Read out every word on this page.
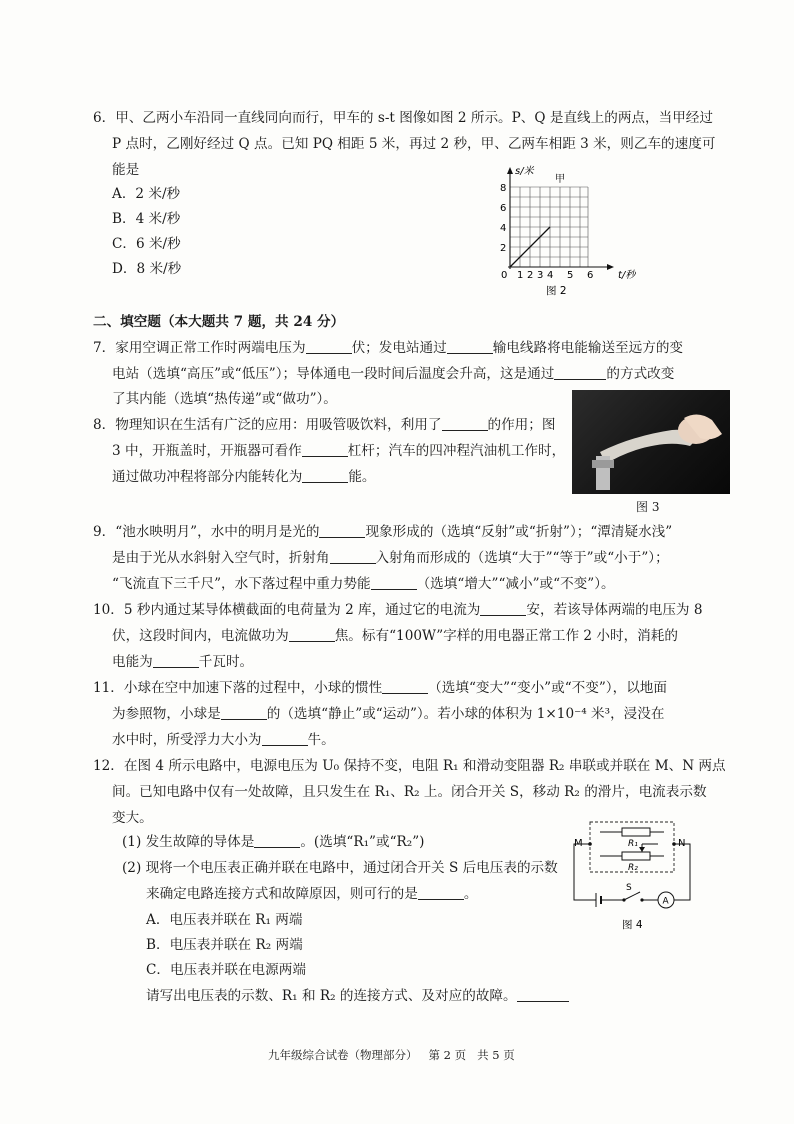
6．甲、乙两小车沿同一直线同向而行，甲车的 s-t 图像如图 2 所示。P、Q 是直线上的两点，当甲经过
P 点时，乙刚好经过 Q 点。已知 PQ 相距 5 米，再过 2 秒，甲、乙两车相距 3 米，则乙车的速度可
能是
A．2 米/秒
B．4 米/秒
C．6 米/秒
D．8 米/秒
s/米
甲
2
4
6
8
0 1 2 3 4 5 6 t/秒
图 2
二、填空题（本大题共 7 题，共 24 分）
7．家用空调正常工作时两端电压为	伏；发电站通过	输电线路将电能输送至远方的变
电站（选填“高压”或“低压”）；导体通电一段时间后温度会升高，这是通过	的方式改变
了其内能（选填“热传递”或“做功”）。
8．物理知识在生活有广泛的应用：用吸管吸饮料，利用了	的作用；图
3 中，开瓶盖时，开瓶器可看作	杠杆；汽车的四冲程汽油机工作时，
通过做功冲程将部分内能转化为	能。
图 3
9．“池水映明月”，水中的明月是光的	现象形成的（选填“反射”或“折射”）；“潭清疑水浅”
是由于光从水斜射入空气时，折射角	入射角而形成的（选填“大于”“等于”或“小于”）；
“飞流直下三千尺”，水下落过程中重力势能	（选填“增大”“减小”或“不变”）。
10．5 秒内通过某导体横截面的电荷量为 2 库，通过它的电流为	安，若该导体两端的电压为 8
伏，这段时间内，电流做功为	焦。标有“100W”字样的用电器正常工作 2 小时，消耗的
电能为	千瓦时。
11．小球在空中加速下落的过程中，小球的惯性	（选填“变大”“变小”或“不变”），以地面
为参照物，小球是	的（选填“静止”或“运动”）。若小球的体积为 1×10⁻⁴ 米³，浸没在
水中时，所受浮力大小为	牛。
12．在图 4 所示电路中，电源电压为 U₀ 保持不变，电阻 R₁ 和滑动变阻器 R₂ 串联或并联在 M、N 两点
间。已知电路中仅有一处故障，且只发生在 R₁、R₂ 上。闭合开关 S，移动 R₂ 的滑片，电流表示数
变大。
(1) 发生故障的导体是	。(选填“R₁”或“R₂”)
(2) 现将一个电压表正确并联在电路中，通过闭合开关 S 后电压表的示数
来确定电路连接方式和故障原因，则可行的是	。
A．电压表并联在 R₁ 两端
B．电压表并联在 R₂ 两端
C．电压表并联在电源两端
请写出电压表的示数、R₁ 和 R₂ 的连接方式、及对应的故障。
M	N
R₁
R₂
S
A
图 4
九年级综合试卷（物理部分） 第 2 页 共 5 页
